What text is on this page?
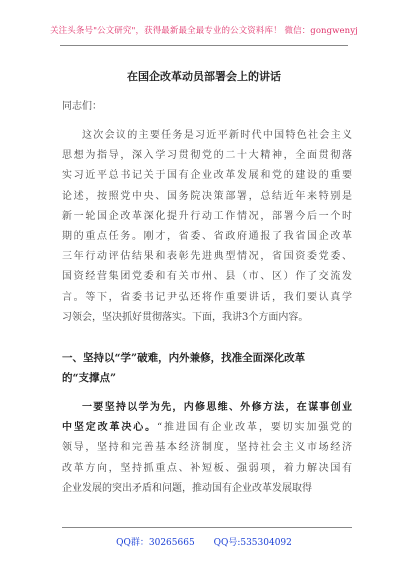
关注头条号"公文研究"，获得最新最全最专业的公文资料库！ 微信：gongwenyj
在国企改革动员部署会上的讲话
同志们：
这次会议的主要任务是习近平新时代中国特色社会主义
思想为指导，深入学习贯彻党的二十大精神，全面贯彻落
实习近平总书记关于国有企业改革发展和党的建设的重要
论述，按照党中央、国务院决策部署，总结近年来特别是
新一轮国企改革深化提升行动工作情况，部署今后一个时
期的重点任务。刚才，省委、省政府通报了我省国企改革
三年行动评估结果和表彰先进典型情况，省国资委党委、
国资经营集团党委和有关市州、县（市、区）作了交流发
言。等下，省委书记尹弘还将作重要讲话，我们要认真学
习领会，坚决抓好贯彻落实。下面，我讲3个方面内容。
一、坚持以“学”破难，内外兼修，找准全面深化改革
的“支撑点”
一要坚持以学为先，内修思维、外修方法，在谋事创业
中坚定改革决心。“推进国有企业改革，要切实加强党的
领导，坚持和完善基本经济制度，坚持社会主义市场经济
改革方向，坚持抓重点、补短板、强弱项，着力解决国有
企业发展的突出矛盾和问题，推动国有企业改革发展取得
QQ群：30265665 QQ号:535304092
